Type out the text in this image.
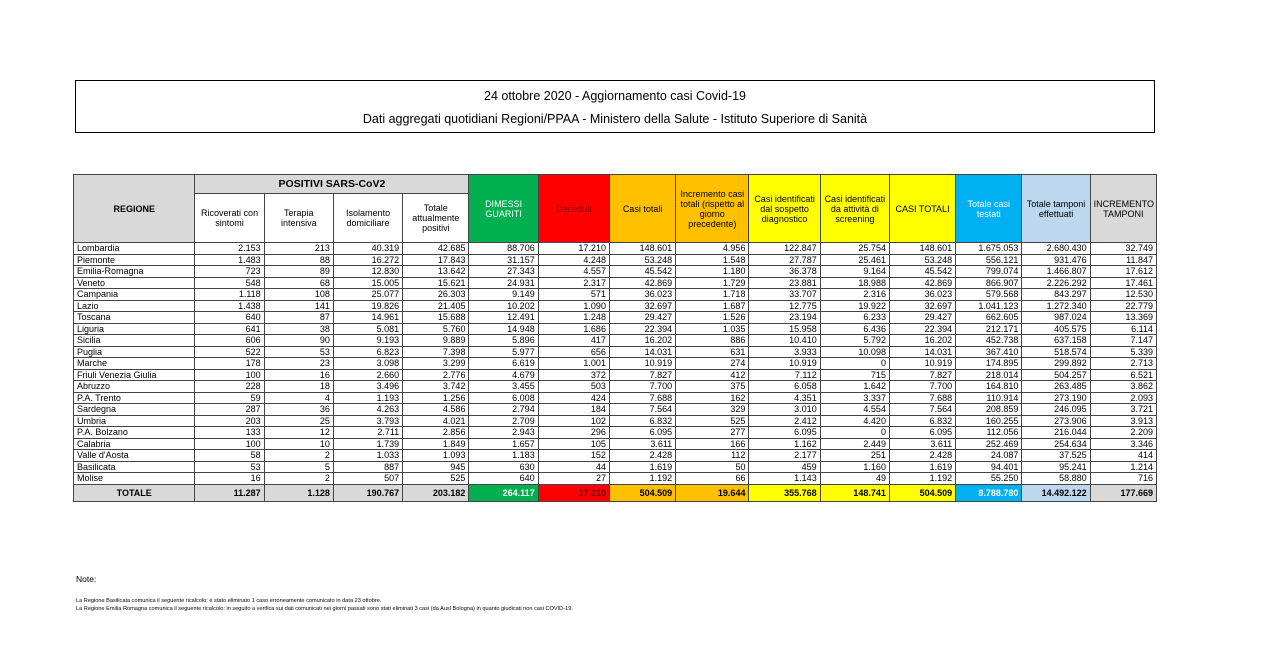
24 ottobre 2020 - Aggiornamento casi Covid-19
Dati aggregati quotidiani Regioni/PPAA - Ministero della Salute - Istituto Superiore di Sanità
REGIONE	POSITIVI SARS-CoV2				DIMESSI GUARITI	Deceduti	Casi totali	Incremento casi totali (rispetto al giorno precedente)	Casi identificati dal sospetto diagnostico	Casi identificati da attività di screening	CASI TOTALI	Totale casi testati	Totale tamponi effettuati	INCREMENTO TAMPONI
	Ricoverati con sintomi	Terapia intensiva	Isolamento domiciliare	Totale attualmente positivi										
Lombardia	2.153	213	40.319	42.685	88.706	17.210	148.601	4.956	122.847	25.754	148.601	1.675.053	2.680.430	32.749
Piemonte	1.483	88	16.272	17.843	31.157	4.248	53.248	1.548	27.787	25.461	53.248	556.121	931.476	11.847
Emilia-Romagna	723	89	12.830	13.642	27.343	4.557	45.542	1.180	36.378	9.164	45.542	799.074	1.466.807	17.612
Veneto	548	68	15.005	15.621	24.931	2.317	42.869	1.729	23.881	18.988	42.869	866.907	2.226.292	17.461
Campania	1.118	108	25.077	26.303	9.149	571	36.023	1.718	33.707	2.316	36.023	579.568	843.297	12.530
Lazio	1.438	141	19.826	21.405	10.202	1.090	32.697	1.687	12.775	19.922	32.697	1.041.123	1.272.340	22.779
Toscana	640	87	14.961	15.688	12.491	1.248	29.427	1.526	23.194	6.233	29.427	662.605	987.024	13.369
Liguria	641	38	5.081	5.760	14.948	1.686	22.394	1.035	15.958	6.436	22.394	212.171	405.575	6.114
Sicilia	606	90	9.193	9.889	5.896	417	16.202	886	10.410	5.792	16.202	452.738	637.158	7.147
Puglia	522	53	6.823	7.398	5.977	656	14.031	631	3.933	10.098	14.031	367.410	518.574	5.339
Marche	178	23	3.098	3.299	6.619	1.001	10.919	274	10.919	0	10.919	174.895	299.892	2.713
Friuli Venezia Giulia	100	16	2.660	2.776	4.679	372	7.827	412	7.112	715	7.827	218.014	504.257	6.521
Abruzzo	228	18	3.496	3.742	3.455	503	7.700	375	6.058	1.642	7.700	164.810	263.485	3.862
P.A. Trento	59	4	1.193	1.256	6.008	424	7.688	162	4.351	3.337	7.688	110.914	273.190	2.093
Sardegna	287	36	4.263	4.586	2.794	184	7.564	329	3.010	4.554	7.564	208.859	246.095	3.721
Umbria	203	25	3.793	4.021	2.709	102	6.832	525	2.412	4.420	6.832	160.255	273.906	3.913
P.A. Bolzano	133	12	2.711	2.856	2.943	296	6.095	277	6.095	0	6.095	112.056	216.044	2.209
Calabria	100	10	1.739	1.849	1.657	105	3.611	166	1.162	2.449	3.611	252.469	254.634	3.346
Valle d'Aosta	58	2	1.033	1.093	1.183	152	2.428	112	2.177	251	2.428	24.087	37.525	414
Basilicata	53	5	887	945	630	44	1.619	50	459	1.160	1.619	94.401	95.241	1.214
Molise	16	2	507	525	640	27	1.192	66	1.143	49	1.192	55.250	58.880	716
TOTALE	11.287	1.128	190.767	203.182	264.117	37.210	504.509	19.644	355.768	148.741	504.509	8.788.780	14.492.122	177.669
Note:
La Regione Basilicata comunica il seguente ricalcolo: è stato eliminato 1 caso erroneamente comunicato in data 23 ottobre.
La Regione Emilia Romagna comunica il seguente ricalcolo: in seguito a verifica sui dati comunicati nei giorni passati sono stati eliminati 3 casi (da Ausl Bologna) in quanto giudicati non casi COVID-19.
